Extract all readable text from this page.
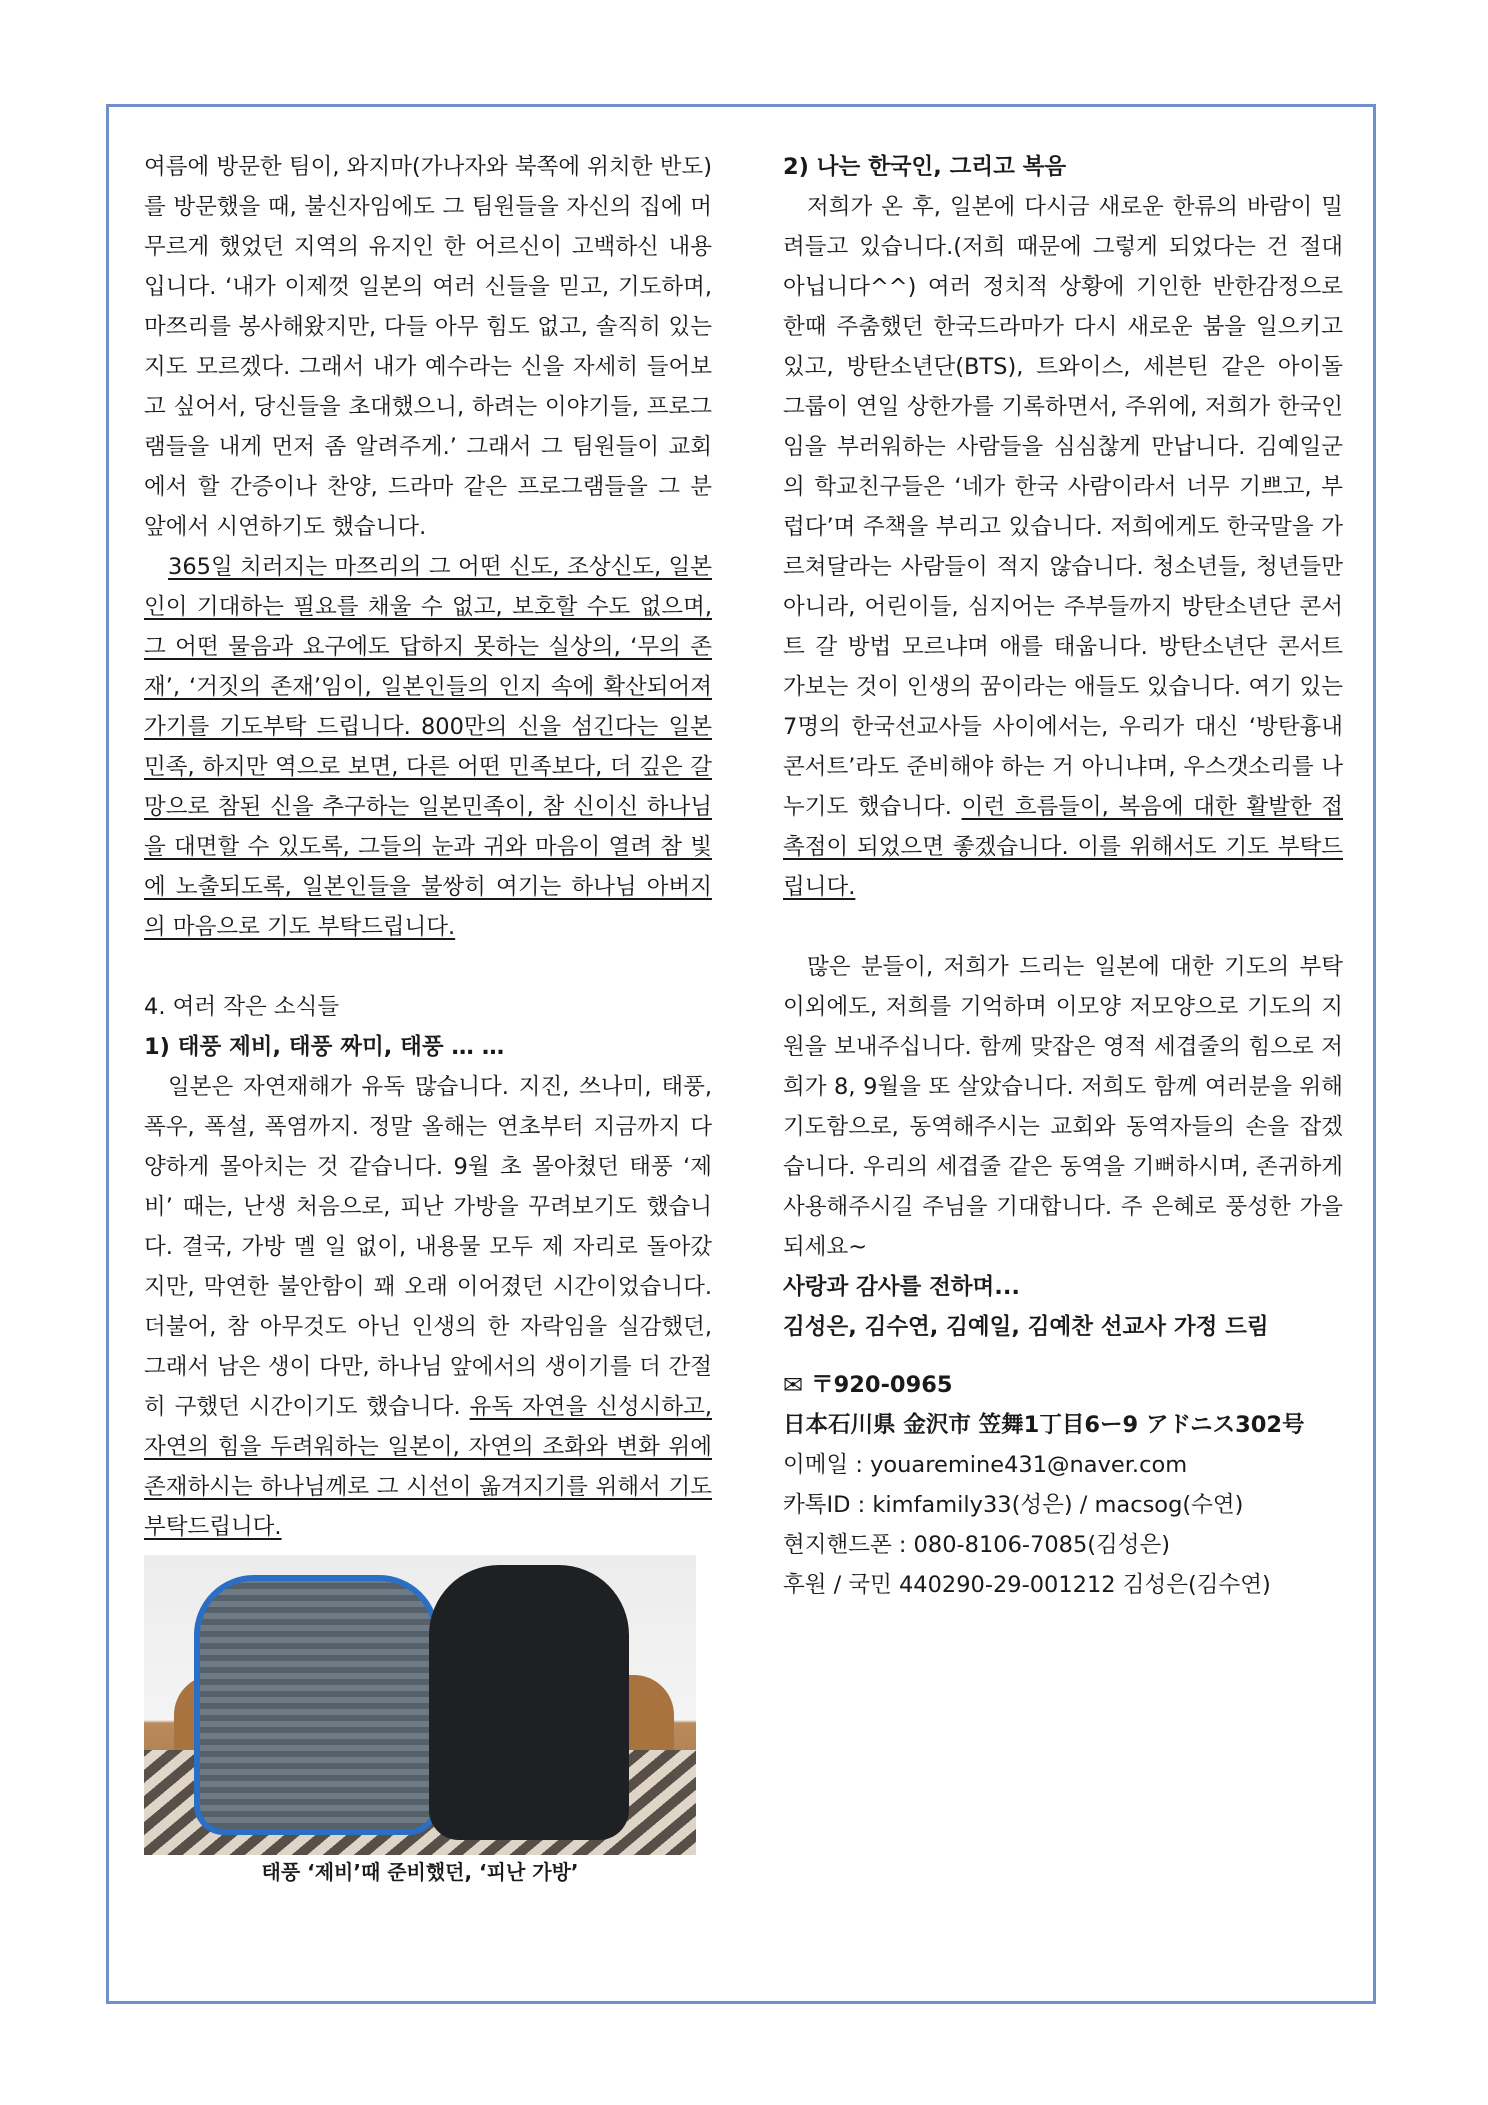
여름에 방문한 팀이, 와지마(가나자와 북쪽에 위치한 반도)를 방문했을 때, 불신자임에도 그 팀원들을 자신의 집에 머무르게 했었던 지역의 유지인 한 어르신이 고백하신 내용입니다. ‘내가 이제껏 일본의 여러 신들을 믿고, 기도하며, 마쯔리를 봉사해왔지만, 다들 아무 힘도 없고, 솔직히 있는지도 모르겠다. 그래서 내가 예수라는 신을 자세히 들어보고 싶어서, 당신들을 초대했으니, 하려는 이야기들, 프로그램들을 내게 먼저 좀 알려주게.’ 그래서 그 팀원들이 교회에서 할 간증이나 찬양, 드라마 같은 프로그램들을 그 분 앞에서 시연하기도 했습니다.

365일 치러지는 마쯔리의 그 어떤 신도, 조상신도, 일본인이 기대하는 필요를 채울 수 없고, 보호할 수도 없으며, 그 어떤 물음과 요구에도 답하지 못하는 실상의, ‘무의 존재’, ‘거짓의 존재’임이, 일본인들의 인지 속에 확산되어져가기를 기도부탁 드립니다. 800만의 신을 섬긴다는 일본민족, 하지만 역으로 보면, 다른 어떤 민족보다, 더 깊은 갈망으로 참된 신을 추구하는 일본민족이, 참 신이신 하나님을 대면할 수 있도록, 그들의 눈과 귀와 마음이 열려 참 빛에 노출되도록, 일본인들을 불쌍히 여기는 하나님 아버지의 마음으로 기도 부탁드립니다.

4. 여러 작은 소식들

1) 태풍 제비, 태풍 짜미, 태풍 … …

일본은 자연재해가 유독 많습니다. 지진, 쓰나미, 태풍, 폭우, 폭설, 폭염까지. 정말 올해는 연초부터 지금까지 다양하게 몰아치는 것 같습니다. 9월 초 몰아쳤던 태풍 ‘제비’ 때는, 난생 처음으로, 피난 가방을 꾸려보기도 했습니다. 결국, 가방 멜 일 없이, 내용물 모두 제 자리로 돌아갔지만, 막연한 불안함이 꽤 오래 이어졌던 시간이었습니다. 더불어, 참 아무것도 아닌 인생의 한 자락임을 실감했던, 그래서 남은 생이 다만, 하나님 앞에서의 생이기를 더 간절히 구했던 시간이기도 했습니다. 유독 자연을 신성시하고, 자연의 힘을 두려워하는 일본이, 자연의 조화와 변화 위에 존재하시는 하나님께로 그 시선이 옮겨지기를 위해서 기도 부탁드립니다.

태풍 ‘제비’때 준비했던, ‘피난 가방’

2) 나는 한국인, 그리고 복음

저희가 온 후, 일본에 다시금 새로운 한류의 바람이 밀려들고 있습니다.(저희 때문에 그렇게 되었다는 건 절대 아닙니다^^) 여러 정치적 상황에 기인한 반한감정으로 한때 주춤했던 한국드라마가 다시 새로운 붐을 일으키고 있고, 방탄소년단(BTS), 트와이스, 세븐틴 같은 아이돌 그룹이 연일 상한가를 기록하면서, 주위에, 저희가 한국인임을 부러워하는 사람들을 심심찮게 만납니다. 김예일군의 학교친구들은 ‘네가 한국 사람이라서 너무 기쁘고, 부럽다’며 주책을 부리고 있습니다. 저희에게도 한국말을 가르쳐달라는 사람들이 적지 않습니다. 청소년들, 청년들만 아니라, 어린이들, 심지어는 주부들까지 방탄소년단 콘서트 갈 방법 모르냐며 애를 태웁니다. 방탄소년단 콘서트 가보는 것이 인생의 꿈이라는 애들도 있습니다. 여기 있는 7명의 한국선교사들 사이에서는, 우리가 대신 ‘방탄흉내콘서트’라도 준비해야 하는 거 아니냐며, 우스갯소리를 나누기도 했습니다. 이런 흐름들이, 복음에 대한 활발한 접촉점이 되었으면 좋겠습니다. 이를 위해서도 기도 부탁드립니다.

많은 분들이, 저희가 드리는 일본에 대한 기도의 부탁 이외에도, 저희를 기억하며 이모양 저모양으로 기도의 지원을 보내주십니다. 함께 맞잡은 영적 세겹줄의 힘으로 저희가 8, 9월을 또 살았습니다. 저희도 함께 여러분을 위해 기도함으로, 동역해주시는 교회와 동역자들의 손을 잡겠습니다. 우리의 세겹줄 같은 동역을 기뻐하시며, 존귀하게 사용해주시길 주님을 기대합니다. 주 은혜로 풍성한 가을 되세요~

사랑과 감사를 전하며...

김성은, 김수연, 김예일, 김예찬 선교사 가정 드림

✉ 〒920-0965

日本石川県 金沢市 笠舞1丁目6ー9 アドニス302号

이메일 : youaremine431@naver.com

카톡ID : kimfamily33(성은) / macsog(수연)

현지핸드폰 : 080-8106-7085(김성은)

후원 / 국민 440290-29-001212 김성은(김수연)
